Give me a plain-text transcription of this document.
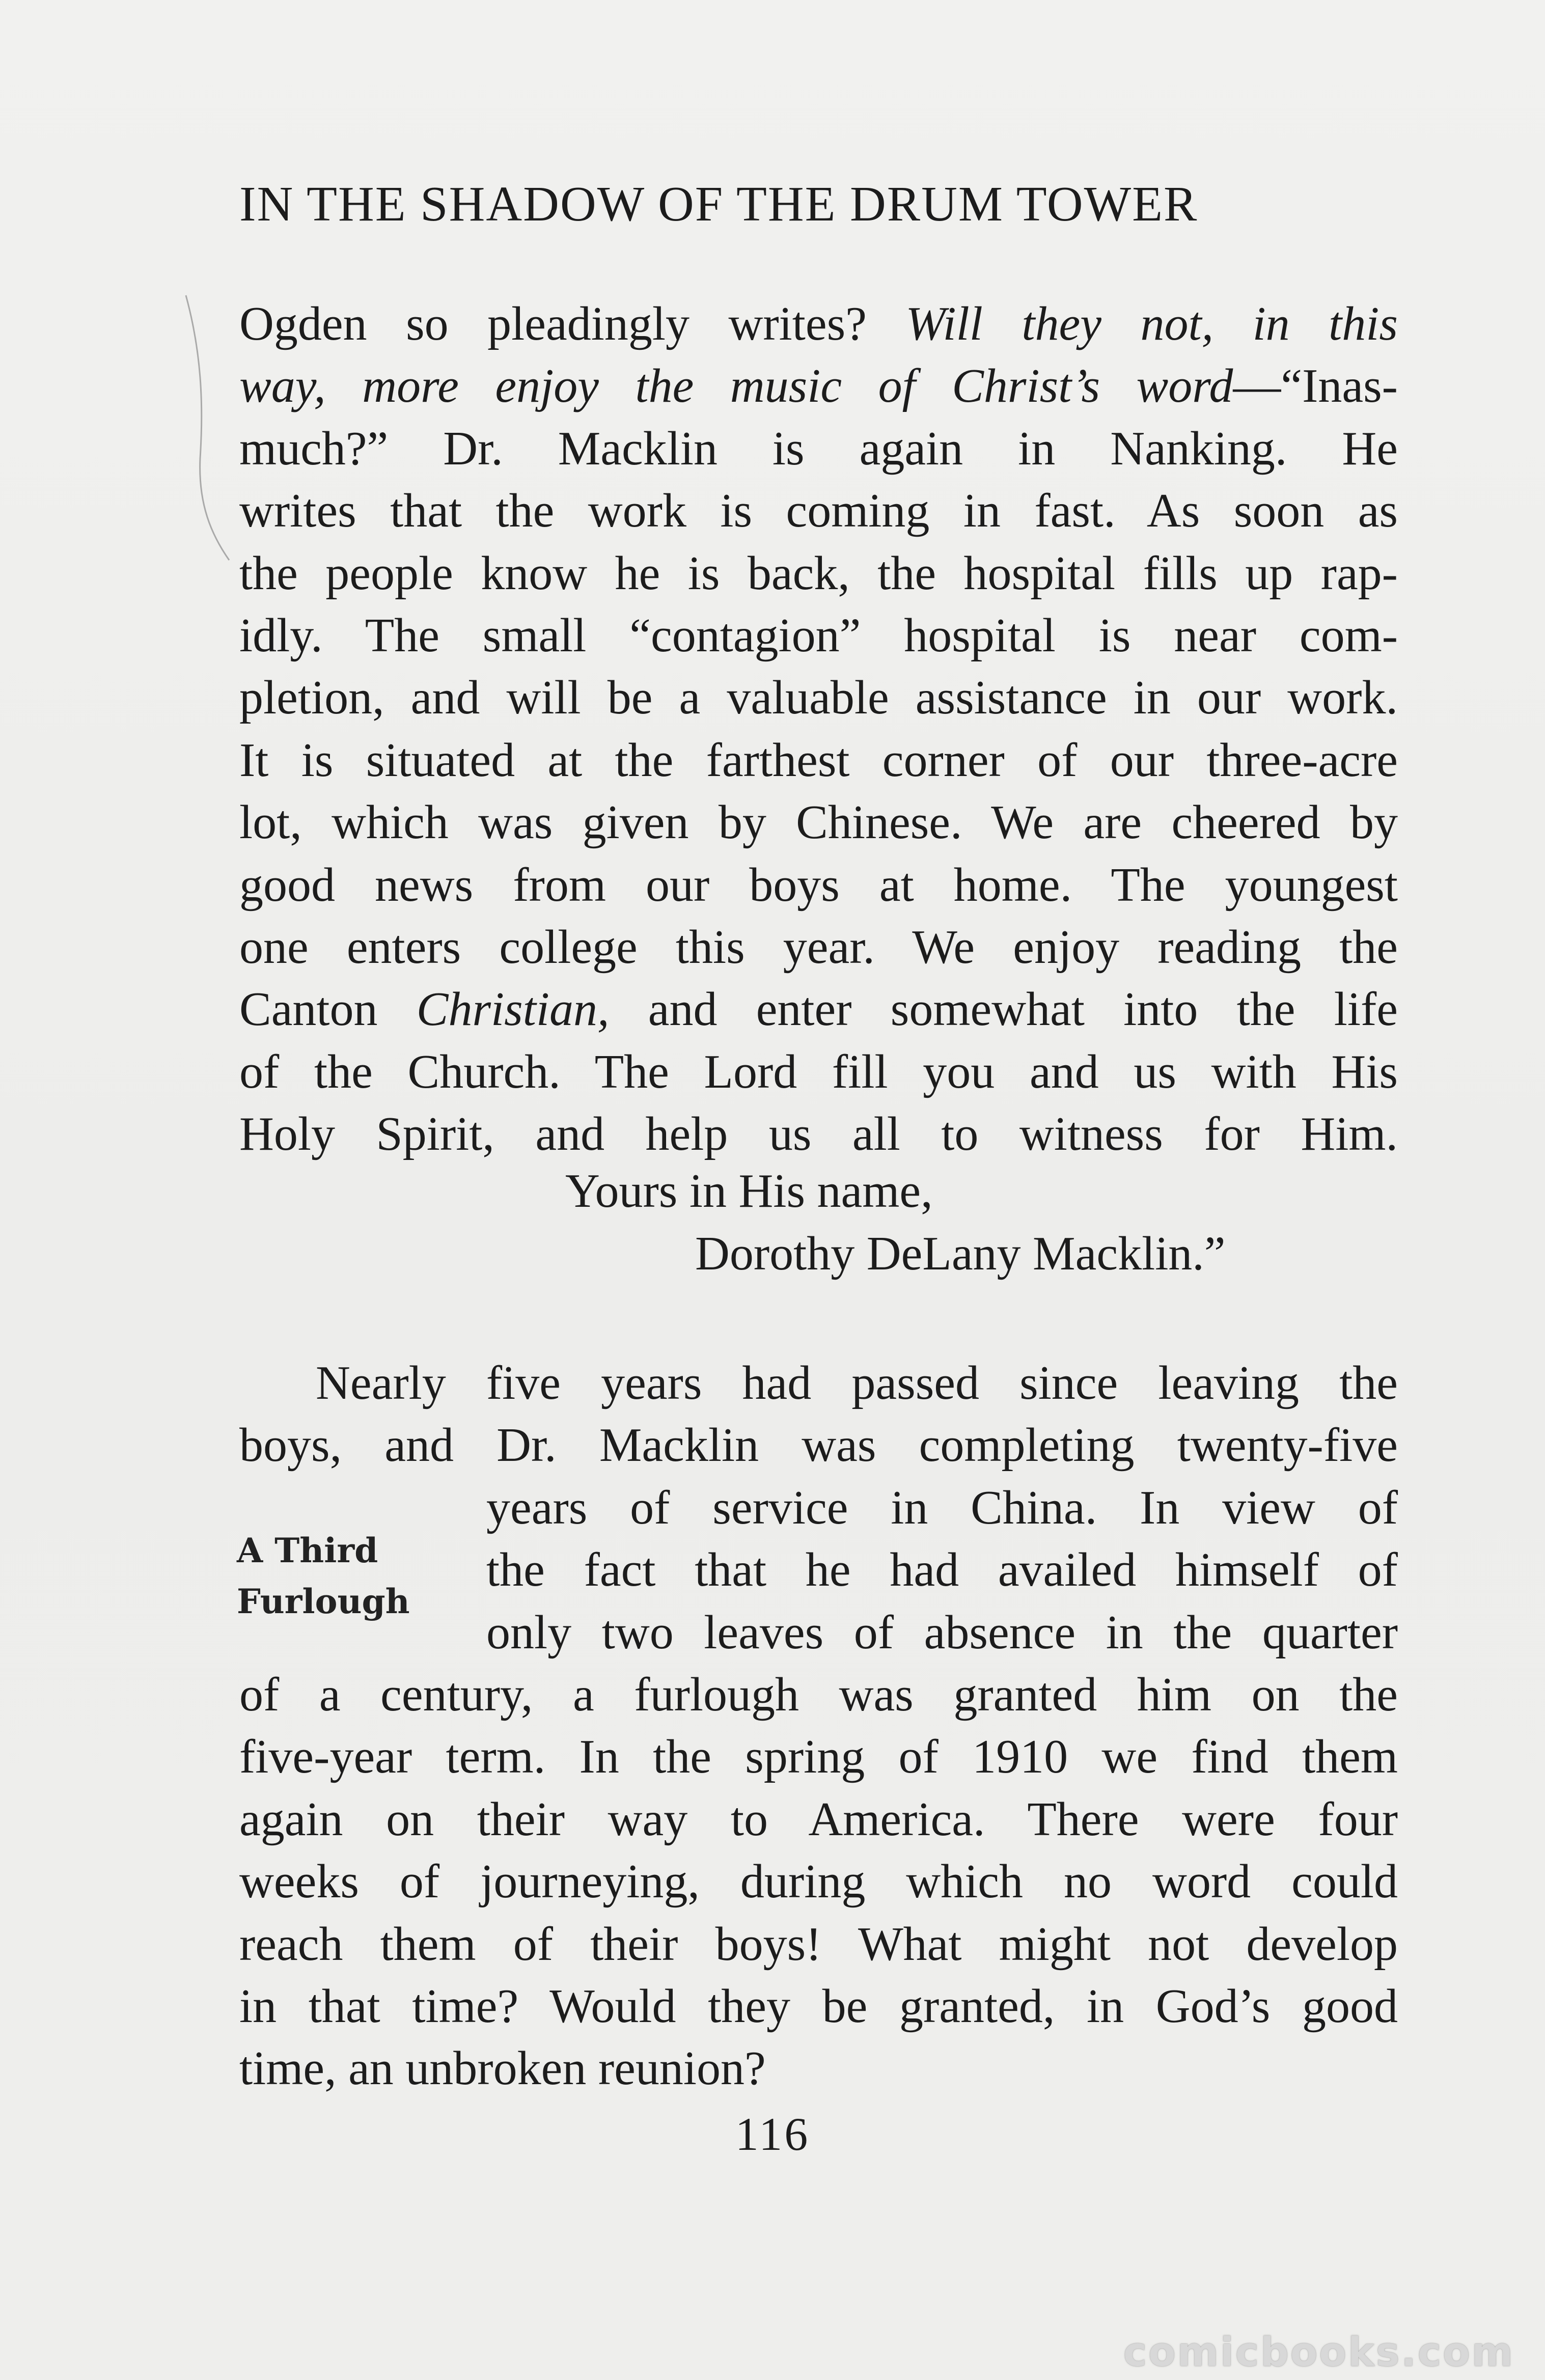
IN THE SHADOW OF THE DRUM TOWER
Ogden so pleadingly writes? Will they not, in this
way, more enjoy the music of Christ’s word—“Inas-
much?” Dr. Macklin is again in Nanking. He
writes that the work is coming in fast. As soon as
the people know he is back, the hospital fills up rap-
idly. The small “contagion” hospital is near com-
pletion, and will be a valuable assistance in our work.
It is situated at the farthest corner of our three-acre
lot, which was given by Chinese. We are cheered by
good news from our boys at home. The youngest
one enters college this year. We enjoy reading the
Canton Christian, and enter somewhat into the life
of the Church. The Lord fill you and us with His
Holy Spirit, and help us all to witness for Him.
Yours in His name,
Dorothy DeLany Macklin.”
A Third
Furlough
Nearly five years had passed since leaving the
boys, and Dr. Macklin was completing twenty-five
years of service in China. In view of
the fact that he had availed himself of
only two leaves of absence in the quarter
of a century, a furlough was granted him on the
five-year term. In the spring of 1910 we find them
again on their way to America. There were four
weeks of journeying, during which no word could
reach them of their boys! What might not develop
in that time? Would they be granted, in God’s good
time, an unbroken reunion?
116
comicbooks.com
